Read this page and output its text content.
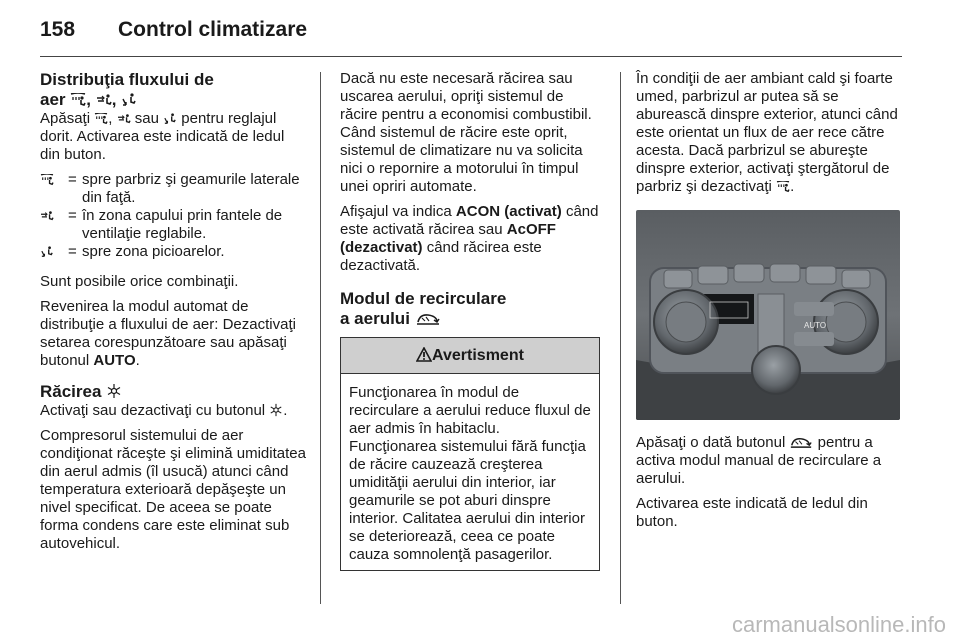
158 Control climatizare
Distribuţia fluxului de
aer , ,

Apăsaţi ,  sau pentru reglajul dorit. Activarea este indicată de ledul din buton.

= spre parbriz şi geamurile laterale din faţă.
= în zona capului prin fantele de ventilaţie reglabile.
= spre zona picioarelor.

Sunt posibile orice combinaţii.

Revenirea la modul automat de distribuţie a fluxului de aer: Dezactivaţi setarea corespunzătoare sau apăsaţi butonul AUTO.

Răcirea

Activaţi sau dezactivaţi cu butonul .

Compresorul sistemului de aer condiţionat răceşte şi elimină umiditatea din aerul admis (îl usucă) atunci când temperatura exterioară depăşeşte un nivel specificat. De aceea se poate forma condens care este eliminat sub autovehicul.

Dacă nu este necesară răcirea sau uscarea aerului, opriţi sistemul de răcire pentru a economisi combustibil. Când sistemul de răcire este oprit, sistemul de climatizare nu va solicita nici o repornire a motorului în timpul unei opriri automate.

Afişajul va indica ACON (activat) când este activată răcirea sau AcOFF (dezactivat) când răcirea este dezactivată.

Modul de recirculare
a aerului
Avertisment
Funcţionarea în modul de recirculare a aerului reduce fluxul de aer admis în habitaclu. Funcţionarea sistemului fără funcţia de răcire cauzează creşterea umidităţii aerului din interior, iar geamurile se pot aburi dinspre interior. Calitatea aerului din interior se deteriorează, ceea ce poate cauza somnolenţă pasagerilor.

În condiţii de aer ambiant cald şi foarte umed, parbrizul ar putea să se aburească dinspre exterior, atunci când este orientat un flux de aer rece către acesta. Dacă parbrizul se abureşte dinspre exterior, activaţi ştergătorul de parbriz şi dezactivaţi .

AUTO

Apăsaţi o dată butonul pentru a activa modul manual de recirculare a aerului.

Activarea este indicată de ledul din buton.

carmanualsonline.info
